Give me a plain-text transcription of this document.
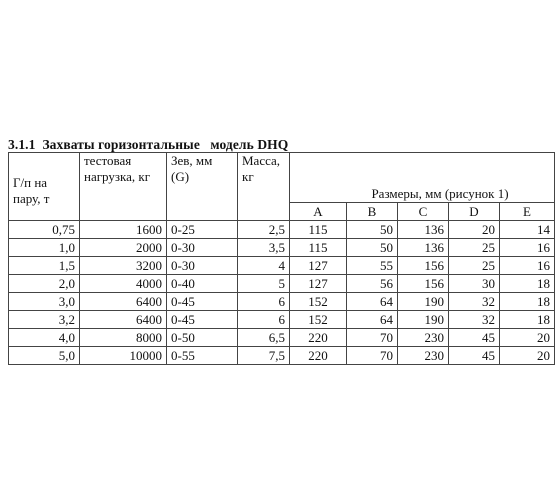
3.1.1  Захваты горизонтальные   модель DHQ
Г/п на пару, т	тестовая нагрузка, кг	Зев, мм (G)	Масса, кг					
				Размеры, мм (рисунок 1)				
				A	B	C	D	E
0,75	1600	0-25	2,5	115	50	136	20	14
1,0	2000	0-30	3,5	115	50	136	25	16
1,5	3200	0-30	4	127	55	156	25	16
2,0	4000	0-40	5	127	56	156	30	18
3,0	6400	0-45	6	152	64	190	32	18
3,2	6400	0-45	6	152	64	190	32	18
4,0	8000	0-50	6,5	220	70	230	45	20
5,0	10000	0-55	7,5	220	70	230	45	20
